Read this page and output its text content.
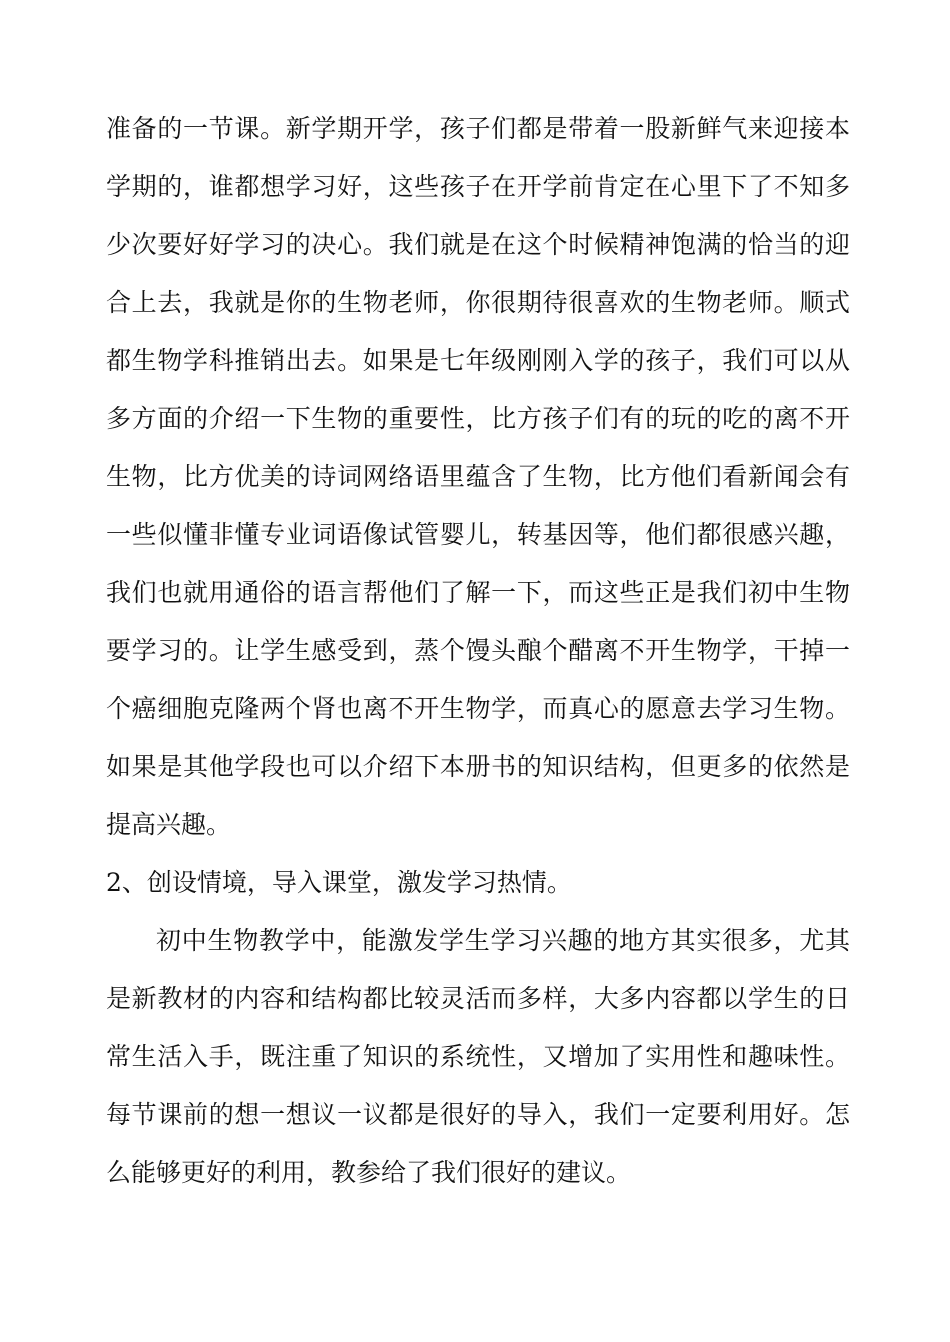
准备的一节课。新学期开学，孩子们都是带着一股新鲜气来迎接本
学期的，谁都想学习好，这些孩子在开学前肯定在心里下了不知多
少次要好好学习的决心。我们就是在这个时候精神饱满的恰当的迎
合上去，我就是你的生物老师，你很期待很喜欢的生物老师。顺式
都生物学科推销出去。如果是七年级刚刚入学的孩子，我们可以从
多方面的介绍一下生物的重要性，比方孩子们有的玩的吃的离不开
生物，比方优美的诗词网络语里蕴含了生物，比方他们看新闻会有
一些似懂非懂专业词语像试管婴儿，转基因等，他们都很感兴趣，
我们也就用通俗的语言帮他们了解一下，而这些正是我们初中生物
要学习的。让学生感受到，蒸个馒头酿个醋离不开生物学，干掉一
个癌细胞克隆两个肾也离不开生物学，而真心的愿意去学习生物。
如果是其他学段也可以介绍下本册书的知识结构，但更多的依然是
提高兴趣。
2、创设情境，导入课堂，激发学习热情。
初中生物教学中，能激发学生学习兴趣的地方其实很多，尤其
是新教材的内容和结构都比较灵活而多样，大多内容都以学生的日
常生活入手，既注重了知识的系统性，又增加了实用性和趣味性。
每节课前的想一想议一议都是很好的导入，我们一定要利用好。怎
么能够更好的利用，教参给了我们很好的建议。
